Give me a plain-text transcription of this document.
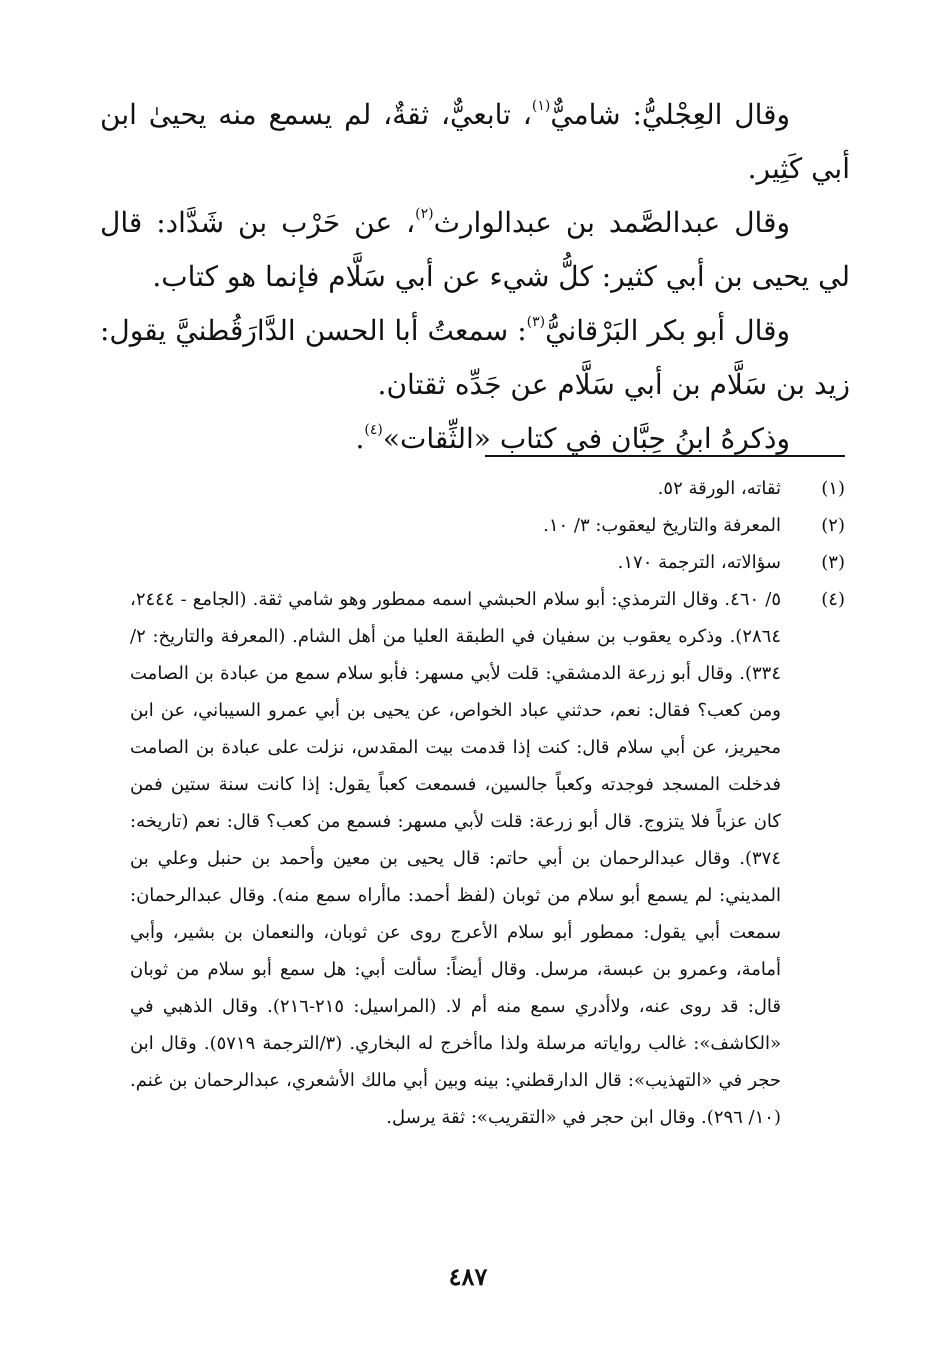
وقال العِجْليُّ: شاميٌّ$^{(١)}$، تابعيٌّ، ثقةٌ، لم يسمع منه يحيىٰ ابن أبي كَثِير.

وقال عبدالصَّمد بن عبدالوارث$^{(٢)}$، عن حَرْب بن شَدَّاد: قال لي يحيى بن أبي كثير: كلُّ شيء عن أبي سَلَّام فإنما هو كتاب.

وقال أبو بكر البَرْقانيُّ$^{(٣)}$: سمعتُ أبا الحسن الدَّارَقُطنيَّ يقول: زيد بن سَلَّام بن أبي سَلَّام عن جَدِّه ثقتان.

وذكرهُ ابنُ حِبَّان في كتاب «الثِّقات»$^{(٤)}$.

(١)
ثقاته، الورقة ٥٢.
(٢)
المعرفة والتاريخ ليعقوب: ٣/ ١٠.
(٣)
سؤالاته، الترجمة ١٧٠.
(٤)
٥/ ٤٦٠. وقال الترمذي: أبو سلام الحبشي اسمه ممطور وهو شامي ثقة. (الجامع - ٢٤٤٤، ٢٨٦٤). وذكره يعقوب بن سفيان في الطبقة العليا من أهل الشام. (المعرفة والتاريخ: ٢/ ٣٣٤). وقال أبو زرعة الدمشقي: قلت لأبي مسهر: فأبو سلام سمع من عبادة بن الصامت ومن كعب؟ فقال: نعم، حدثني عباد الخواص، عن يحيى بن أبي عمرو السيباني، عن ابن محيريز، عن أبي سلام قال: كنت إذا قدمت بيت المقدس، نزلت على عبادة بن الصامت فدخلت المسجد فوجدته وكعباً جالسين، فسمعت كعباً يقول: إذا كانت سنة ستين فمن كان عزباً فلا يتزوج. قال أبو زرعة: قلت لأبي مسهر: فسمع من كعب؟ قال: نعم (تاريخه: ٣٧٤). وقال عبدالرحمان بن أبي حاتم: قال يحيى بن معين وأحمد بن حنبل وعلي بن المديني: لم يسمع أبو سلام من ثوبان (لفظ أحمد: ماأراه سمع منه). وقال عبدالرحمان: سمعت أبي يقول: ممطور أبو سلام الأعرج روى عن ثوبان، والنعمان بن بشير، وأبي أمامة، وعمرو بن عبسة، مرسل. وقال أيضاً: سألت أبي: هل سمع أبو سلام من ثوبان قال: قد روى عنه، ولاأدري سمع منه أم لا. (المراسيل: ٢١٥-٢١٦). وقال الذهبي في «الكاشف»: غالب رواياته مرسلة ولذا ماأخرج له البخاري. (٣/الترجمة ٥٧١٩). وقال ابن حجر في «التهذيب»: قال الدارقطني: بينه وبين أبي مالك الأشعري، عبدالرحمان بن غنم. (١٠/ ٢٩٦). وقال ابن حجر في «التقريب»: ثقة يرسل.
٤٨٧
